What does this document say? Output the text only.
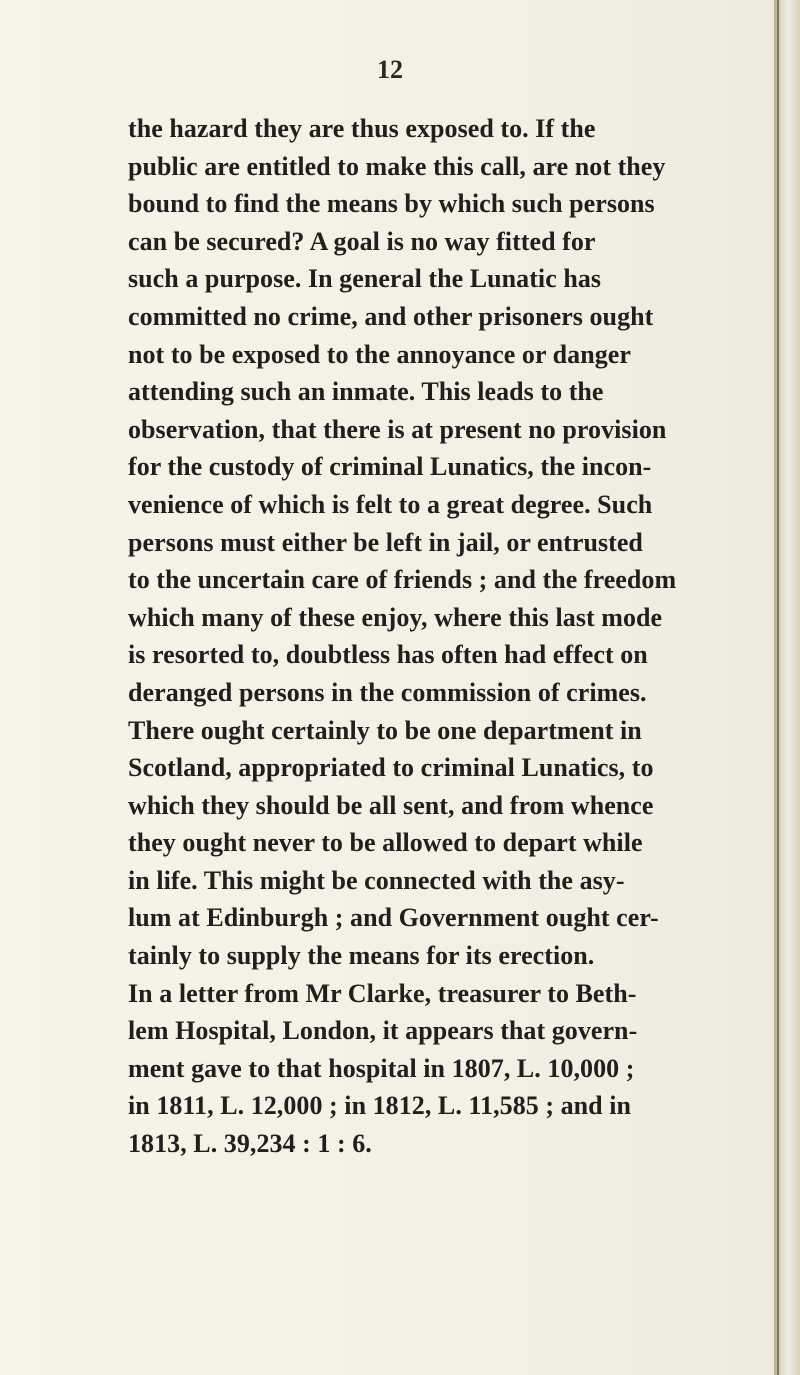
12
the hazard they are thus exposed to. If the
public are entitled to make this call, are not they
bound to find the means by which such persons
can be secured? A goal is no way fitted for
such a purpose. In general the Lunatic has
committed no crime, and other prisoners ought
not to be exposed to the annoyance or danger
attending such an inmate. This leads to the
observation, that there is at present no provision
for the custody of criminal Lunatics, the incon-
venience of which is felt to a great degree. Such
persons must either be left in jail, or entrusted
to the uncertain care of friends ; and the freedom
which many of these enjoy, where this last mode
is resorted to, doubtless has often had effect on
deranged persons in the commission of crimes.
There ought certainly to be one department in
Scotland, appropriated to criminal Lunatics, to
which they should be all sent, and from whence
they ought never to be allowed to depart while
in life. This might be connected with the asy-
lum at Edinburgh ; and Government ought cer-
tainly to supply the means for its erection.
In a letter from Mr Clarke, treasurer to Beth-
lem Hospital, London, it appears that govern-
ment gave to that hospital in 1807, L. 10,000 ;
in 1811, L. 12,000 ; in 1812, L. 11,585 ; and in
1813, L. 39,234 : 1 : 6.
